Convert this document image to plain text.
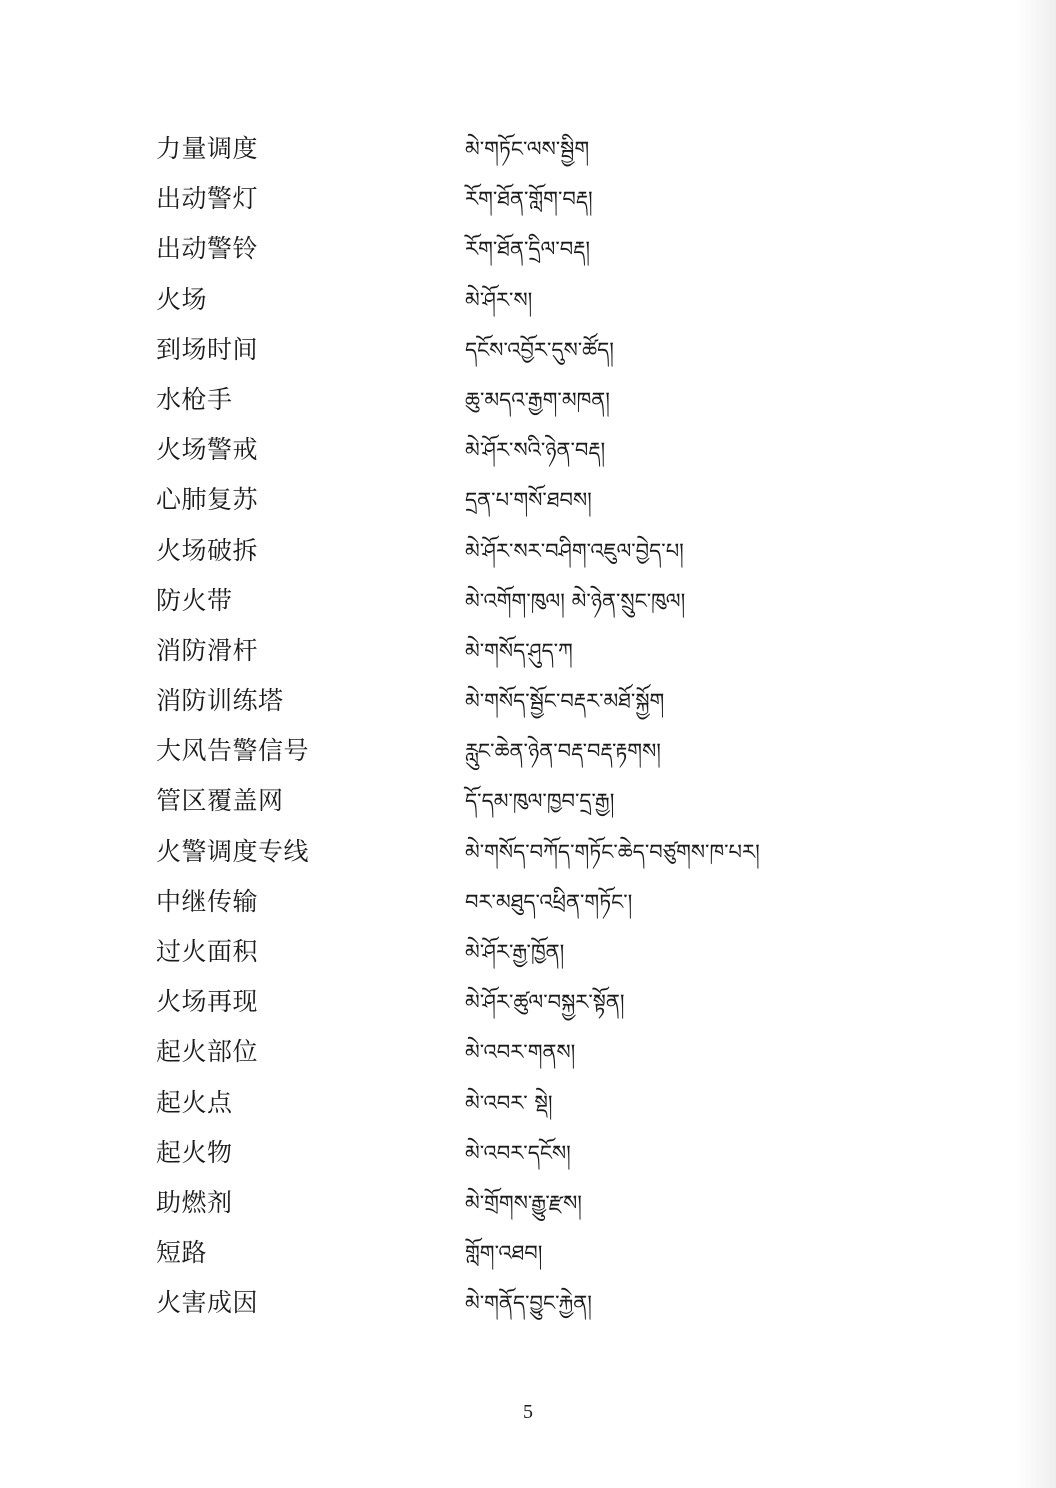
力量调度	མེ་གཏོང་ལས་སྦྱིག
出动警灯	རོག་ཐོན་གློག་བརྡ།
出动警铃	རོག་ཐོན་དྲིལ་བརྡ།
火场	མེ་ཤོར་ས།
到场时间	དངོས་འབྱོར་དུས་ཚོད།
水枪手	ཆུ་མདའ་རྒྱག་མཁན།
火场警戒	མེ་ཤོར་སའི་ཉེན་བརྡ།
心肺复苏	དྲན་པ་གསོ་ཐབས།
火场破拆	མེ་ཤོར་སར་བཤིག་འཇུལ་བྱེད་པ།
防火带	མེ་འགོག་ཁུལ། མེ་ཉེན་སྲུང་ཁུལ།
消防滑杆	མེ་གསོད་ཤུད་ཀ
消防训练塔	མེ་གསོད་སྦྱོང་བརྡར་མཐོ་སྐྱོག
大风告警信号	རླུང་ཆེན་ཉེན་བརྡ་བརྡ་རྟགས།
管区覆盖网	དོ་དམ་ཁུལ་ཁྱབ་དྲ་རྒྱ།
火警调度专线	མེ་གསོད་བཀོད་གཏོང་ཆེད་བཙུགས་ཁ་པར།
中继传输	བར་མཐུད་འཕྲིན་གཏོང་།
过火面积	མེ་ཤོར་རྒྱ་ཁྱོན།
火场再现	མེ་ཤོར་ཚུལ་བསྐྱར་སྟོན།
起火部位	མེ་འབར་གནས།
起火点	མེ་འབར་ སྡེ།
起火物	མེ་འབར་དངོས།
助燃剂	མེ་གྲོགས་རྒྱུ་རྫས།
短路	གློག་འཐབ།
火害成因	མེ་གནོད་བྱུང་རྐྱེན།
5
